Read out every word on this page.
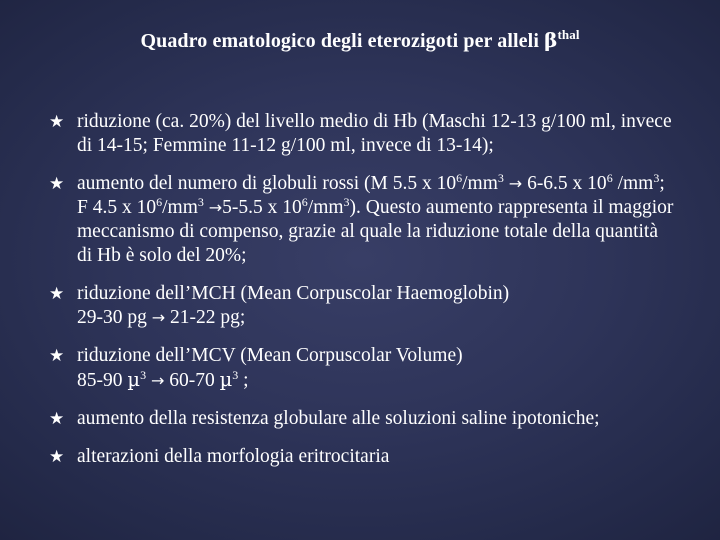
Quadro ematologico degli eterozigoti per alleli $\beta^{thal}$
★ riduzione (ca. 20%) del livello medio di Hb (Maschi 12-13 g/100 ml, invece di 14-15; Femmine 11-12 g/100 ml, invece di 13-14);
★ aumento del numero di globuli rossi (M 5.5 x $10^6/mm^3 \to 6-6.5$ x $10^6$ $/mm^3$; F 4.5 x $10^6/mm^3 \to 5-5.5$ x $10^6/mm^3$). Questo aumento rappresenta il maggior meccanismo di compenso, grazie al quale la riduzione totale della quantità di Hb è solo del 20%;
★ riduzione dell’MCH (Mean Corpuscolar Haemoglobin)
29-30 pg → 21-22 pg;
★ riduzione dell’MCV (Mean Corpuscolar Volume)
85-90 µ$^3$ → 60-70 µ$^3$ ;
★ aumento della resistenza globulare alle soluzioni saline ipotoniche;
★ alterazioni della morfologia eritrocitaria
